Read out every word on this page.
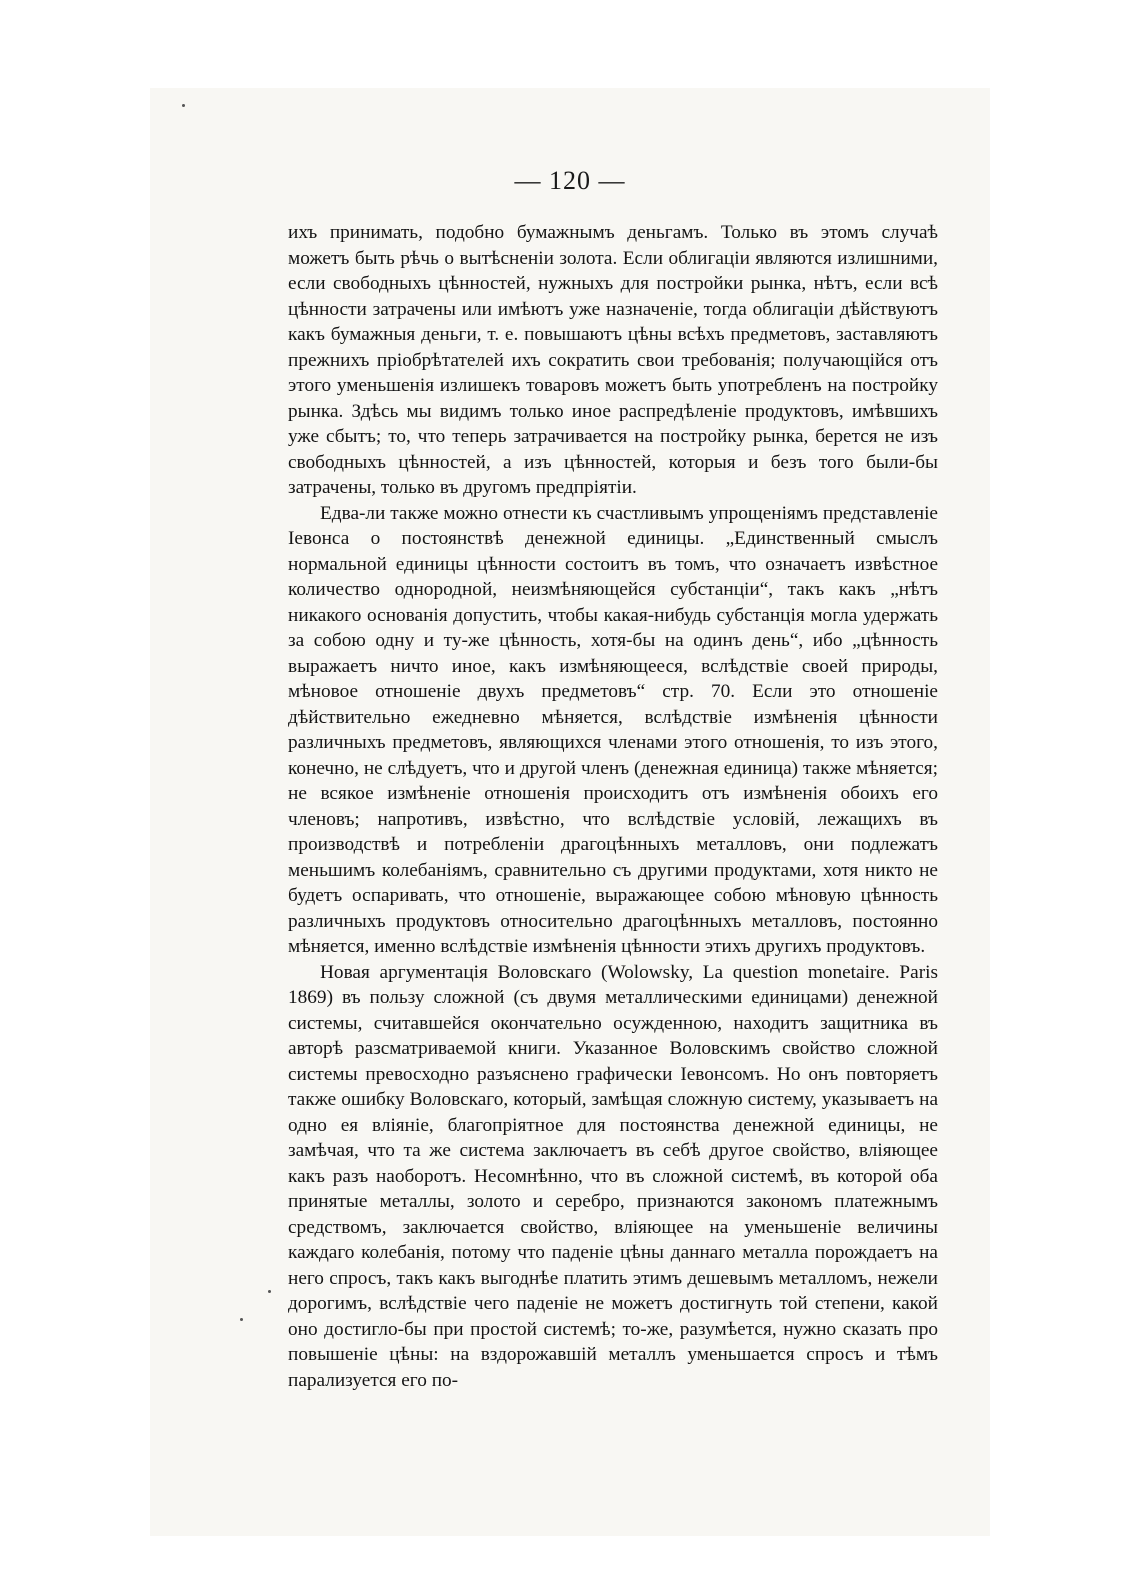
— 120 —

ихъ принимать, подобно бумажнымъ деньгамъ. Только въ этомъ случаѣ можетъ быть рѣчь о вытѣсненіи золота. Если облигаціи являются излишними, если свободныхъ цѣнностей, нужныхъ для постройки рынка, нѣтъ, если всѣ цѣнности затрачены или имѣютъ уже назначеніе, тогда облигаціи дѣйствуютъ какъ бумажныя деньги, т. е. повышаютъ цѣны всѣхъ предметовъ, заставляютъ прежнихъ пріобрѣтателей ихъ сократить свои требованія; получающійся отъ этого уменьшенія излишекъ товаровъ можетъ быть употребленъ на постройку рынка. Здѣсь мы видимъ только иное распредѣленіе продуктовъ, имѣвшихъ уже сбытъ; то, что теперь затрачивается на постройку рынка, берется не изъ свободныхъ цѣнностей, а изъ цѣнностей, которыя и безъ того были-бы затрачены, только въ другомъ предпріятіи.

Едва-ли также можно отнести къ счастливымъ упрощеніямъ представленіе Іевонса о постоянствѣ денежной единицы. „Единственный смыслъ нормальной единицы цѣнности состоитъ въ томъ, что означаетъ извѣстное количество однородной, неизмѣняющейся субстанціи“, такъ какъ „нѣтъ никакого основанія допустить, чтобы какая-нибудь субстанція могла удержать за собою одну и ту-же цѣнность, хотя-бы на одинъ день“, ибо „цѣнность выражаетъ ничто иное, какъ измѣняющееся, вслѣдствіе своей природы, мѣновое отношеніе двухъ предметовъ“ стр. 70. Если это отношеніе дѣйствительно ежедневно мѣняется, вслѣдствіе измѣненія цѣнности различныхъ предметовъ, являющихся членами этого отношенія, то изъ этого, конечно, не слѣдуетъ, что и другой членъ (денежная единица) также мѣняется; не всякое измѣненіе отношенія происходитъ отъ измѣненія обоихъ его членовъ; напротивъ, извѣстно, что вслѣдствіе условій, лежащихъ въ производствѣ и потребленіи драгоцѣнныхъ металловъ, они подлежатъ меньшимъ колебаніямъ, сравнительно съ другими продуктами, хотя никто не будетъ оспаривать, что отношеніе, выражающее собою мѣновую цѣнность различныхъ продуктовъ относительно драгоцѣнныхъ металловъ, постоянно мѣняется, именно вслѣдствіе измѣненія цѣнности этихъ другихъ продуктовъ.

Новая аргументація Воловскаго (Wolowsky, La question monetaire. Paris 1869) въ пользу сложной (съ двумя металлическими единицами) денежной системы, считавшейся окончательно осужденною, находитъ защитника въ авторѣ разсматриваемой книги. Указанное Воловскимъ свойство сложной системы превосходно разъяснено графически Іевонсомъ. Но онъ повторяетъ также ошибку Воловскаго, который, замѣщая сложную систему, указываетъ на одно ея вліяніе, благопріятное для постоянства денежной единицы, не замѣчая, что та же система заключаетъ въ себѣ другое свойство, вліяющее какъ разъ наоборотъ. Несомнѣнно, что въ сложной системѣ, въ которой оба принятые металлы, золото и серебро, признаются закономъ платежнымъ средствомъ, заключается свойство, вліяющее на уменьшеніе величины каждаго колебанія, потому что паденіе цѣны даннаго металла порождаетъ на него спросъ, такъ какъ выгоднѣе платить этимъ дешевымъ металломъ, нежели дорогимъ, вслѣдствіе чего паденіе не можетъ достигнуть той степени, какой оно достигло-бы при простой системѣ; то-же, разумѣется, нужно сказать про повышеніе цѣны: на вздорожавшій металлъ уменьшается спросъ и тѣмъ парализуется его по-
